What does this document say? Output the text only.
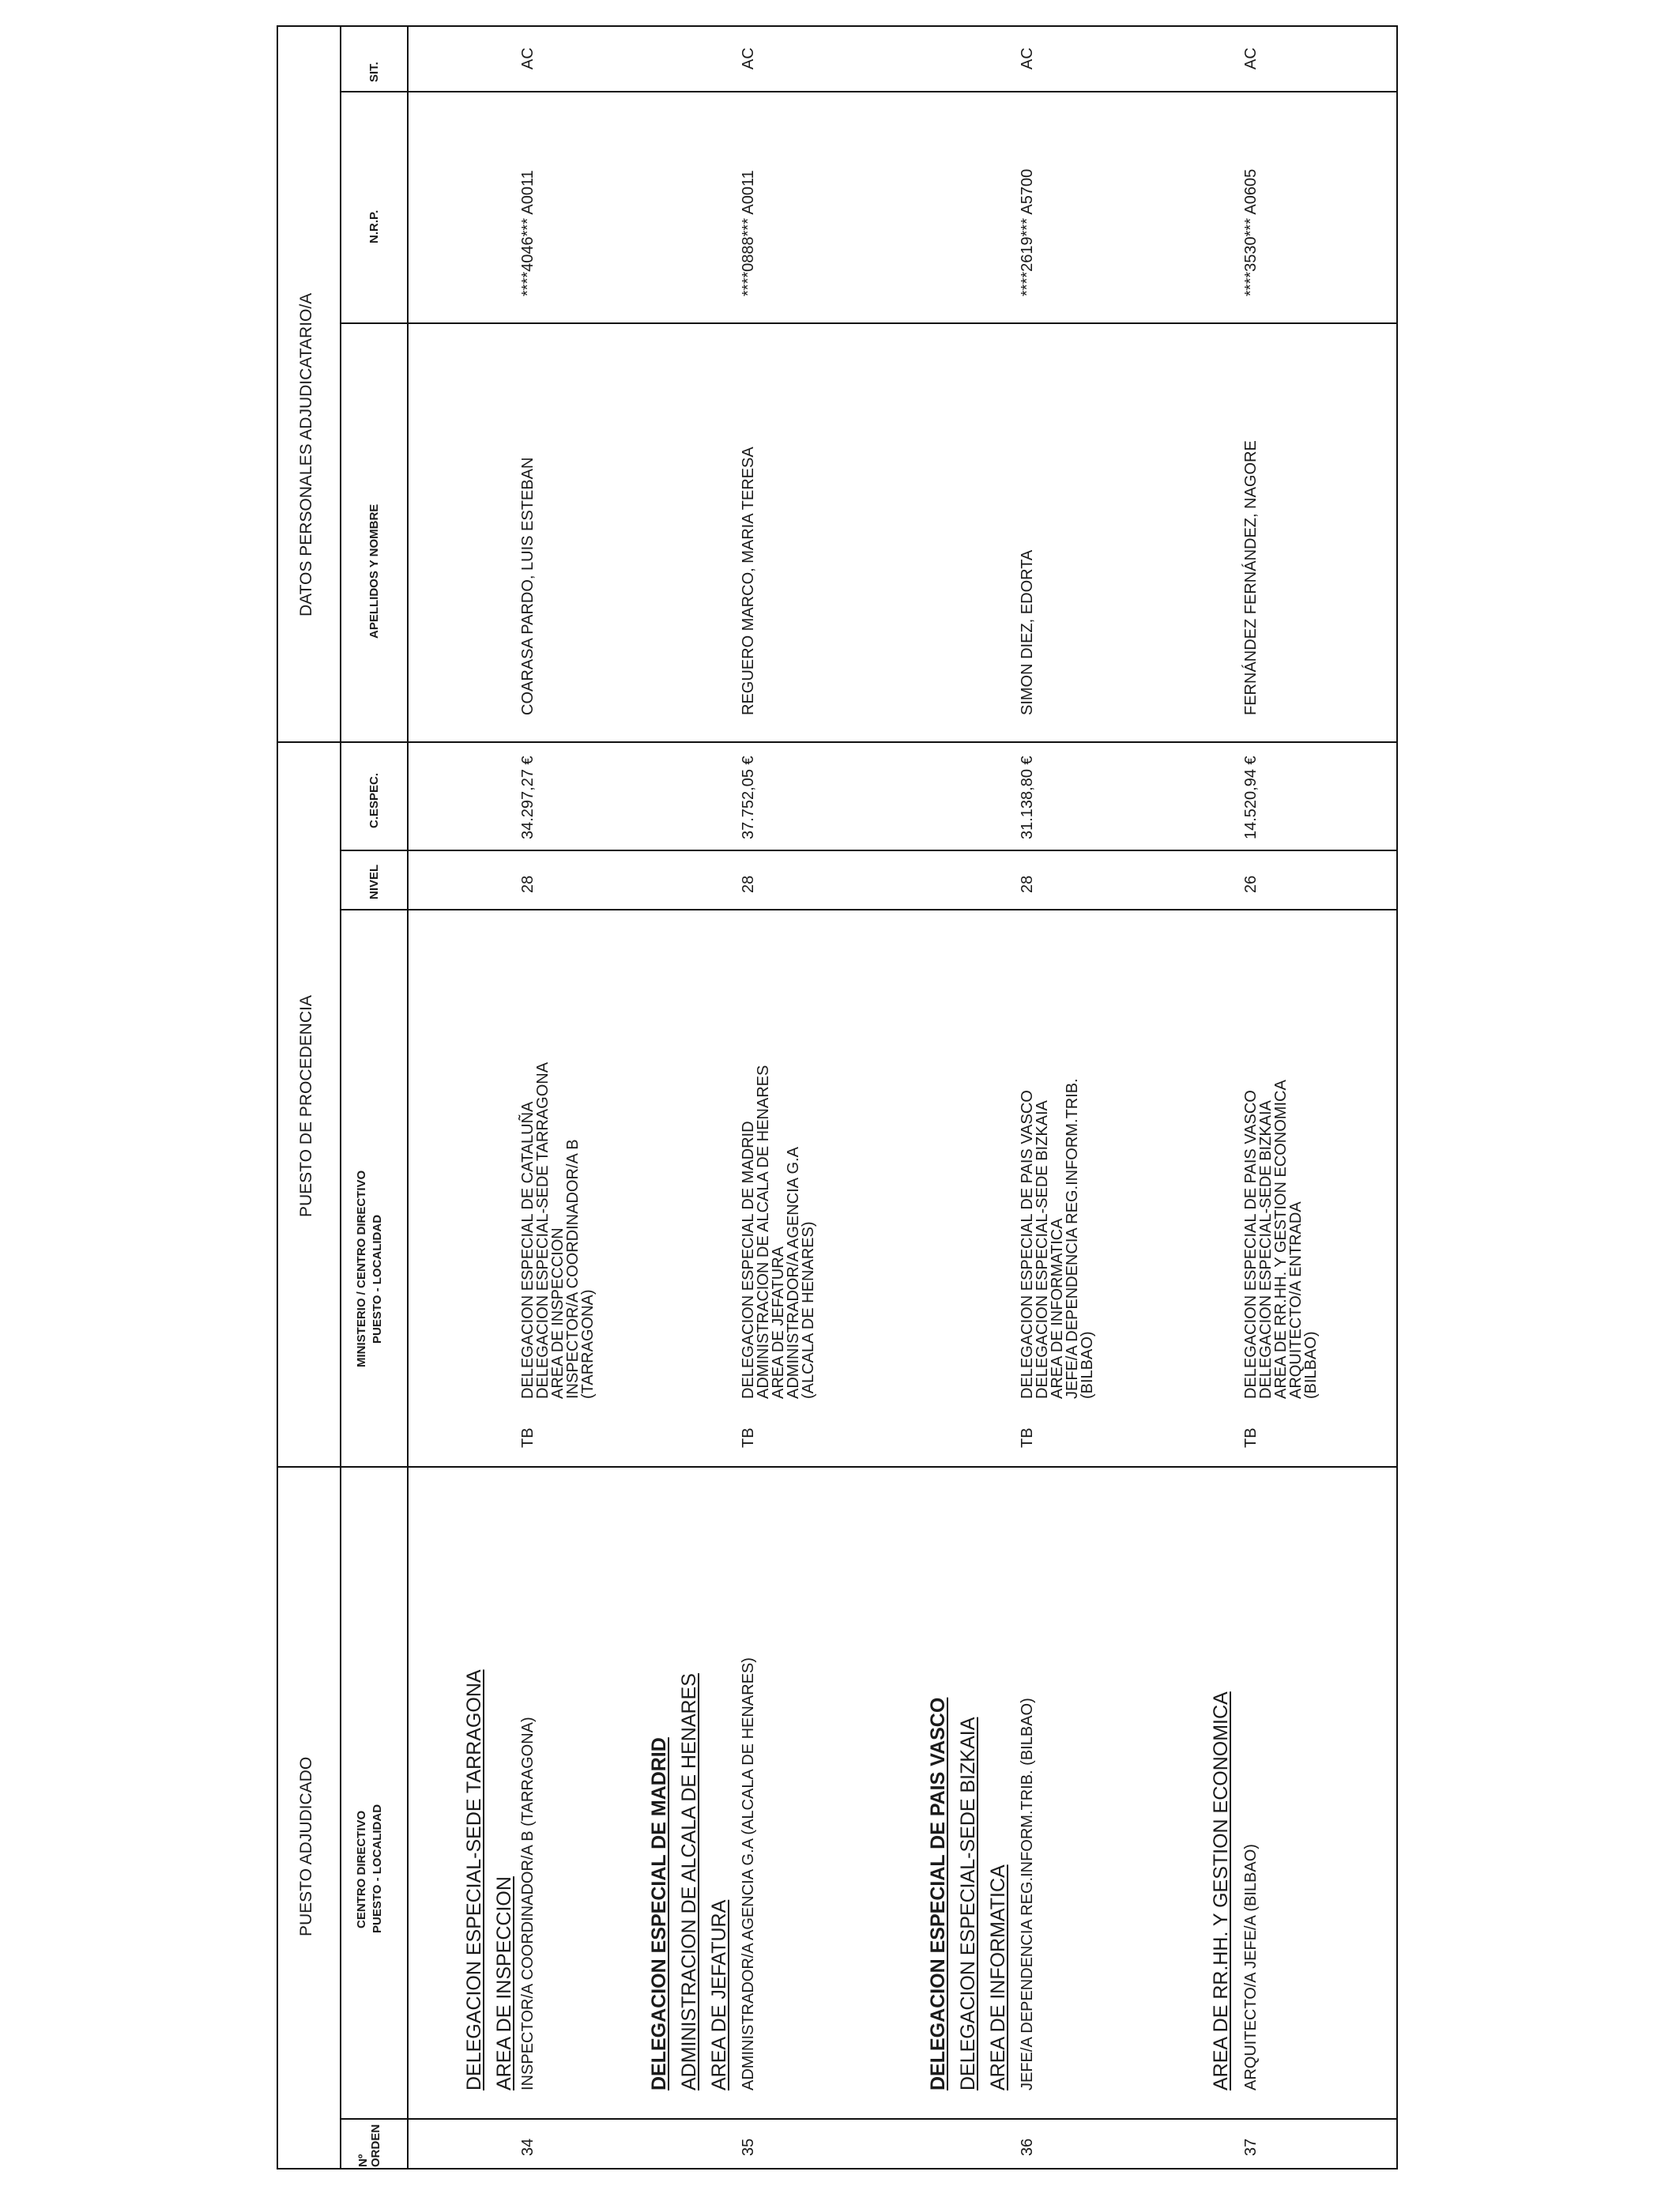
PUESTO ADJUDICADO
PUESTO DE PROCEDENCIA
DATOS PERSONALES ADJUDICATARIO/A
Nº ORDEN
CENTRO DIRECTIVO PUESTO - LOCALIDAD
MINISTERIO / CENTRO DIRECTIVO PUESTO - LOCALIDAD
NIVEL
C.ESPEC.
APELLIDOS Y NOMBRE
N.R.P.
SIT.
DELEGACION ESPECIAL-SEDE TARRAGONA AREA DE INSPECCION
34
INSPECTOR/A COORDINADOR/A B (TARRAGONA)
TB
DELEGACION ESPECIAL DE CATALUÑA
DELEGACION ESPECIAL-SEDE TARRAGONA
AREA DE INSPECCION
INSPECTOR/A COORDINADOR/A B
(TARRAGONA)
28
34.297,27 €
COARASA PARDO, LUIS ESTEBAN
****4046*** A0011
AC
DELEGACION ESPECIAL DE MADRID ADMINISTRACION DE ALCALA DE HENARES AREA DE JEFATURA
35
ADMINISTRADOR/A AGENCIA G.A (ALCALA DE HENARES)
TB
DELEGACION ESPECIAL DE MADRID
ADMINISTRACION DE ALCALA DE HENARES
AREA DE JEFATURA
ADMINISTRADOR/A AGENCIA G.A
(ALCALA DE HENARES)
28
37.752,05 €
REGUERO MARCO, MARIA TERESA
****0888*** A0011
AC
DELEGACION ESPECIAL DE PAIS VASCO DELEGACION ESPECIAL-SEDE BIZKAIA AREA DE INFORMATICA
36
JEFE/A DEPENDENCIA REG.INFORM.TRIB. (BILBAO)
TB
DELEGACION ESPECIAL DE PAIS VASCO
DELEGACION ESPECIAL-SEDE BIZKAIA
AREA DE INFORMATICA
JEFE/A DEPENDENCIA REG.INFORM.TRIB.
(BILBAO)
28
31.138,80 €
SIMON DIEZ, EDORTA
****2619*** A5700
AC
AREA DE RR.HH. Y GESTION ECONOMICA
37
ARQUITECTO/A JEFE/A (BILBAO)
TB
DELEGACION ESPECIAL DE PAIS VASCO
DELEGACION ESPECIAL-SEDE BIZKAIA
AREA DE RR.HH. Y GESTION ECONOMICA
ARQUITECTO/A ENTRADA
(BILBAO)
26
14.520,94 €
FERNÁNDEZ FERNÁNDEZ, NAGORE
****3530*** A0605
AC
